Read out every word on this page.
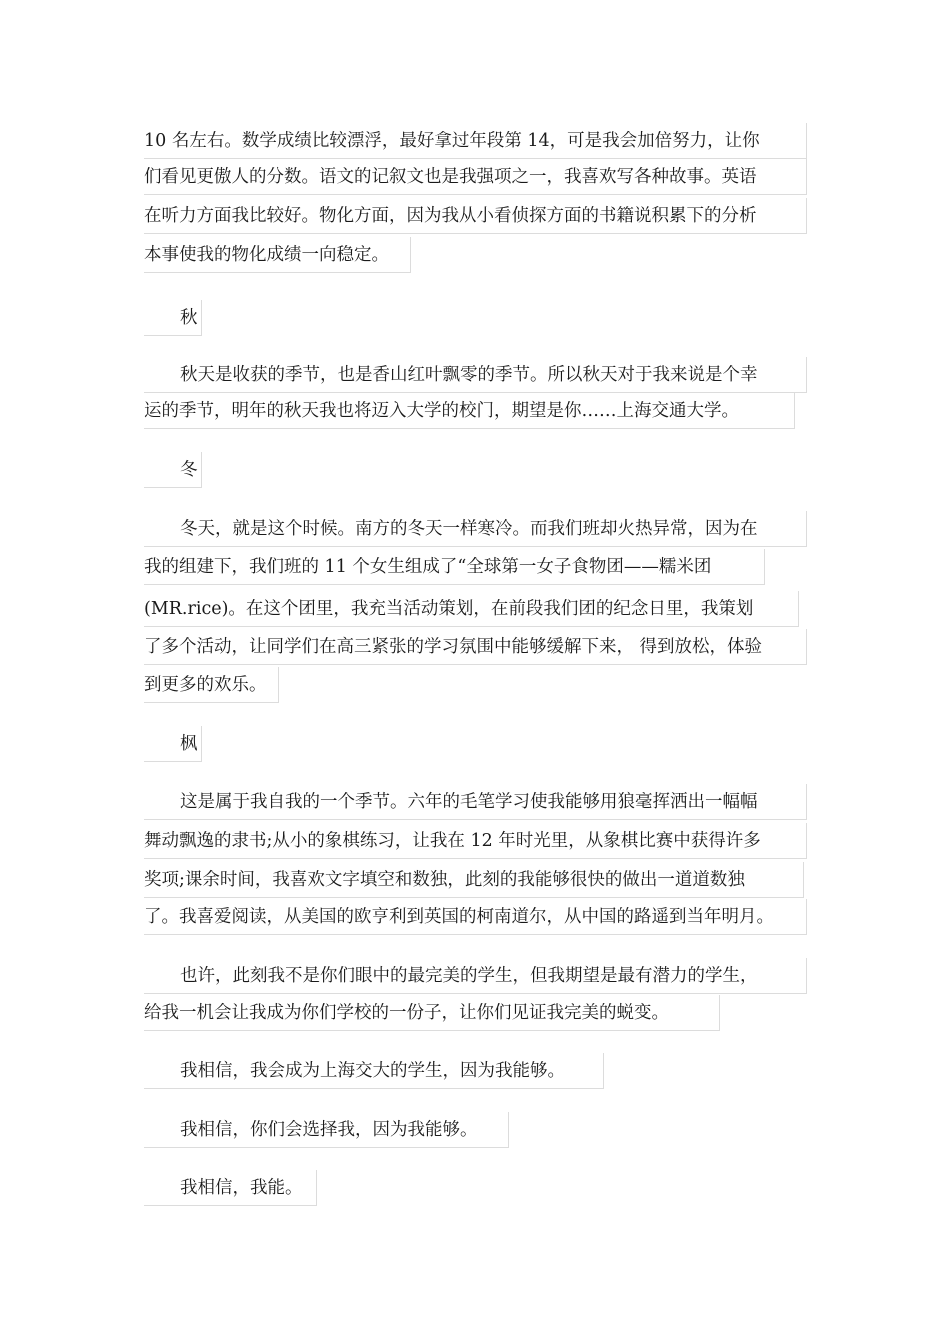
10 名左右。数学成绩比较漂浮，最好拿过年段第 14，可是我会加倍努力，让你
们看见更傲人的分数。语文的记叙文也是我强项之一，我喜欢写各种故事。英语
在听力方面我比较好。物化方面，因为我从小看侦探方面的书籍说积累下的分析
本事使我的物化成绩一向稳定。
秋
秋天是收获的季节，也是香山红叶飘零的季节。所以秋天对于我来说是个幸
运的季节，明年的秋天我也将迈入大学的校门，期望是你……上海交通大学。
冬
冬天，就是这个时候。南方的冬天一样寒冷。而我们班却火热异常，因为在
我的组建下，我们班的 11 个女生组成了“全球第一女子食物团——糯米团
(MR.rice)。在这个团里，我充当活动策划，在前段我们团的纪念日里，我策划
了多个活动，让同学们在高三紧张的学习氛围中能够缓解下来， 得到放松，体验
到更多的欢乐。
枫
这是属于我自我的一个季节。六年的毛笔学习使我能够用狼毫挥洒出一幅幅
舞动飘逸的隶书;从小的象棋练习，让我在 12 年时光里，从象棋比赛中获得许多
奖项;课余时间，我喜欢文字填空和数独，此刻的我能够很快的做出一道道数独
了。我喜爱阅读，从美国的欧亨利到英国的柯南道尔，从中国的路遥到当年明月。
也许，此刻我不是你们眼中的最完美的学生，但我期望是最有潜力的学生，
给我一机会让我成为你们学校的一份子，让你们见证我完美的蜕变。
我相信，我会成为上海交大的学生，因为我能够。
我相信，你们会选择我，因为我能够。
我相信，我能。
